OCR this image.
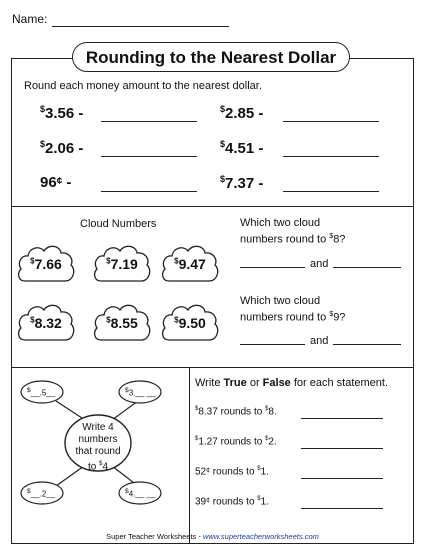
Name:
Rounding to the Nearest Dollar
Round each money amount to the nearest dollar.
$3.56 -	$2.85 -
$2.06 -	$4.51 -
96¢ -	$7.37 -
Cloud Numbers
$7.66	$7.19	$9.47
$8.32	$8.55	$9.50
Which two cloud
numbers round to $8?
and
Which two cloud
numbers round to $9?
and
$__.5__	$3.__ __
$__.2__	$4.__ __
Write 4
numbers
that round
to $4
Write True or False for each statement.
$8.37 rounds to $8.
$1.27 rounds to $2.
52¢ rounds to $1.
39¢ rounds to $1.
Super Teacher Worksheets - www.superteacherworksheets.com
